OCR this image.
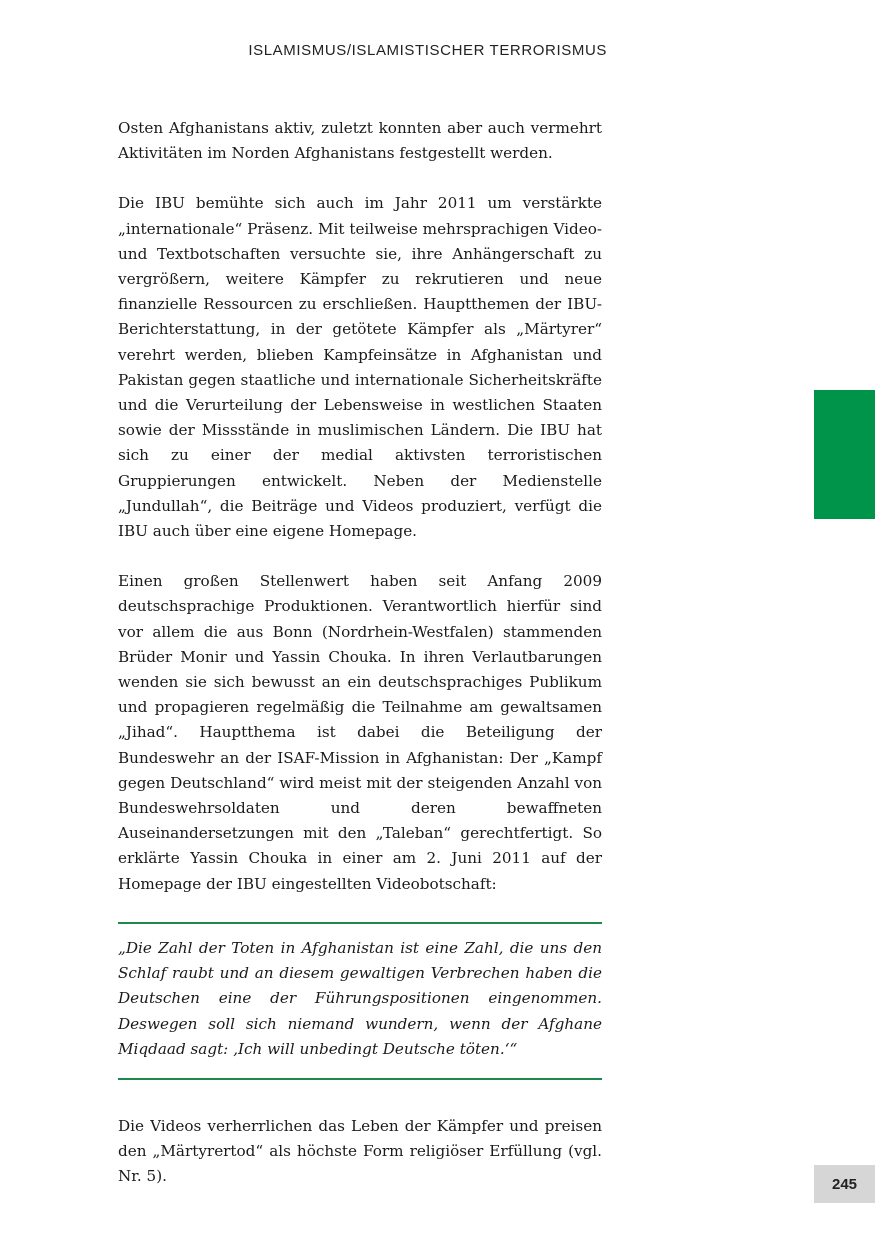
ISLAMISMUS/ISLAMISTISCHER TERRORISMUS

Osten Afghanistans aktiv, zuletzt konnten aber auch vermehrt Aktivitäten im Norden Afghanistans festgestellt werden.

Die IBU bemühte sich auch im Jahr 2011 um verstärkte „internationale“ Präsenz. Mit teilweise mehrsprachigen Video- und Textbotschaften versuchte sie, ihre Anhängerschaft zu vergrößern, weitere Kämpfer zu rekrutieren und neue finanzielle Ressourcen zu erschließen. Hauptthemen der IBU-Berichterstattung, in der getötete Kämpfer als „Märtyrer“ verehrt werden, blieben Kampfeinsätze in Afghanistan und Pakistan gegen staatliche und internationale Sicherheitskräfte und die Verurteilung der Lebensweise in westlichen Staaten sowie der Missstände in muslimischen Ländern. Die IBU hat sich zu einer der medial aktivsten terroristischen Gruppierungen entwickelt. Neben der Medienstelle „Jundullah“, die Beiträge und Videos produziert, verfügt die IBU auch über eine eigene Homepage.

Einen großen Stellenwert haben seit Anfang 2009 deutschsprachige Produktionen. Verantwortlich hierfür sind vor allem die aus Bonn (Nordrhein-Westfalen) stammenden Brüder Monir und Yassin Chouka. In ihren Verlautbarungen wenden sie sich bewusst an ein deutschsprachiges Publikum und propagieren regelmäßig die Teilnahme am gewaltsamen „Jihad“. Hauptthema ist dabei die Beteiligung der Bundeswehr an der ISAF-Mission in Afghanistan: Der „Kampf gegen Deutschland“ wird meist mit der steigenden Anzahl von Bundeswehrsoldaten und deren bewaffneten Auseinandersetzungen mit den „Taleban“ gerechtfertigt. So erklärte Yassin Chouka in einer am 2. Juni 2011 auf der Homepage der IBU eingestellten Videobotschaft:

„Die Zahl der Toten in Afghanistan ist eine Zahl, die uns den Schlaf raubt und an diesem gewaltigen Verbrechen haben die Deutschen eine der Führungspositionen eingenommen. Deswegen soll sich niemand wundern, wenn der Afghane Miqdaad sagt: ‚Ich will unbedingt Deutsche töten.‘“

Die Videos verherrlichen das Leben der Kämpfer und preisen den „Märtyrertod“ als höchste Form religiöser Erfüllung (vgl. Nr. 5).	245
